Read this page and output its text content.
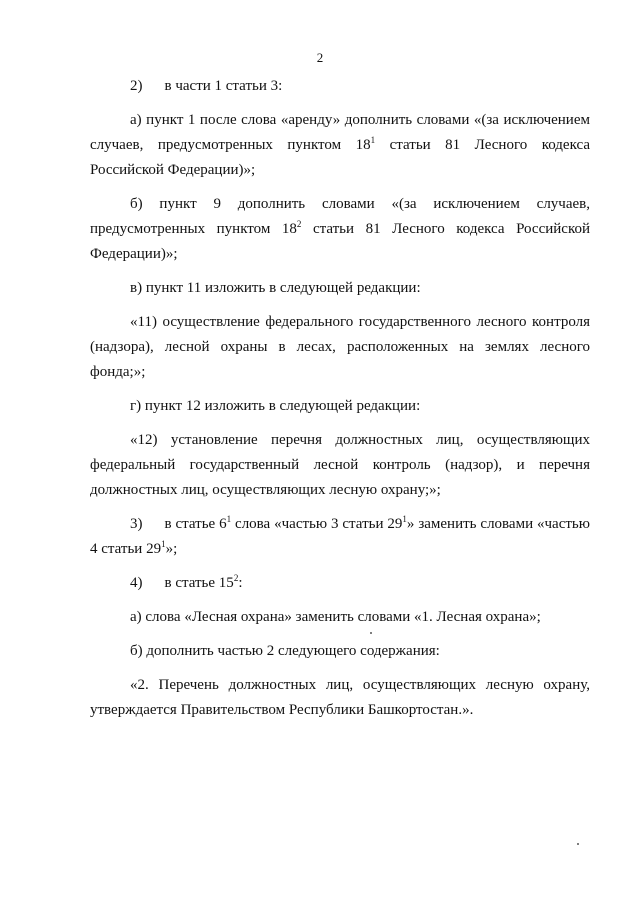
2

2) в части 1 статьи 3:

а) пункт 1 после слова «аренду» дополнить словами «(за исключением случаев, предусмотренных пунктом $18^1$ статьи 81 Лесного кодекса Российской Федерации)»;

б) пункт 9 дополнить словами «(за исключением случаев, предусмотренных пунктом $18^2$ статьи 81 Лесного кодекса Российской Федерации)»;

в) пункт 11 изложить в следующей редакции:

«11) осуществление федерального государственного лесного контроля (надзора), лесной охраны в лесах, расположенных на землях лесного фонда;»;

г) пункт 12 изложить в следующей редакции:

«12) установление перечня должностных лиц, осуществляющих федеральный государственный лесной контроль (надзор), и перечня должностных лиц, осуществляющих лесную охрану;»;

3) в статье $6^1$ слова «частью 3 статьи $29^1$» заменить словами «частью 4 статьи $29^1$»;

4) в статье $15^2$:

а) слова «Лесная охрана» заменить словами «1. Лесная охрана»;

б) дополнить частью 2 следующего содержания:

«2. Перечень должностных лиц, осуществляющих лесную охрану, утверждается Правительством Республики Башкортостан.».
